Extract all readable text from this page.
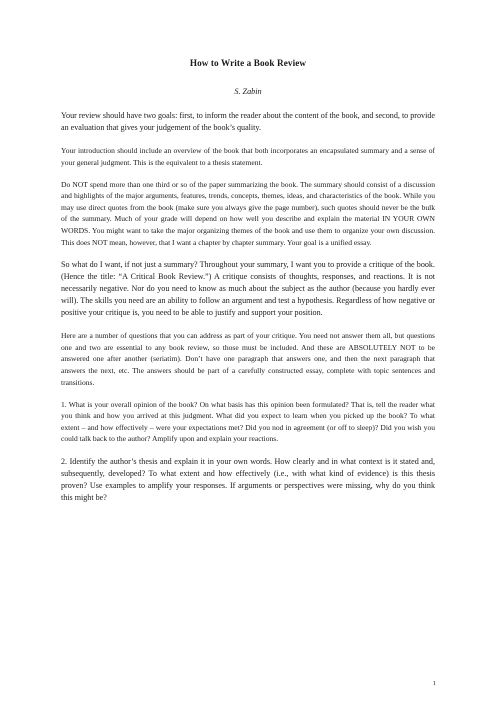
How to Write a Book Review
S. Zabin

Your review should have two goals: first, to inform the reader about the content of the book, and second, to provide an evaluation that gives your judgement of the book’s quality.

Your introduction should include an overview of the book that both incorporates an encapsulated summary and a sense of your general judgment. This is the equivalent to a thesis statement.

Do NOT spend more than one third or so of the paper summarizing the book. The summary should consist of a discussion and highlights of the major arguments, features, trends, concepts, themes, ideas, and characteristics of the book. While you may use direct quotes from the book (make sure you always give the page number), such quotes should never be the bulk of the summary. Much of your grade will depend on how well you describe and explain the material IN YOUR OWN WORDS. You might want to take the major organizing themes of the book and use them to organize your own discussion. This does NOT mean, however, that I want a chapter by chapter summary. Your goal is a unified essay.

So what do I want, if not just a summary? Throughout your summary, I want you to provide a critique of the book. (Hence the title: “A Critical Book Review.”) A critique consists of thoughts, responses, and reactions. It is not necessarily negative. Nor do you need to know as much about the subject as the author (because you hardly ever will). The skills you need are an ability to follow an argument and test a hypothesis. Regardless of how negative or positive your critique is, you need to be able to justify and support your position.

Here are a number of questions that you can address as part of your critique. You need not answer them all, but questions one and two are essential to any book review, so those must be included. And these are ABSOLUTELY NOT to be answered one after another (seriatim). Don’t have one paragraph that answers one, and then the next paragraph that answers the next, etc. The answers should be part of a carefully constructed essay, complete with topic sentences and transitions.

1. What is your overall opinion of the book? On what basis has this opinion been formulated? That is, tell the reader what you think and how you arrived at this judgment. What did you expect to learn when you picked up the book? To what extent – and how effectively – were your expectations met? Did you nod in agreement (or off to sleep)? Did you wish you could talk back to the author? Amplify upon and explain your reactions.

2. Identify the author’s thesis and explain it in your own words. How clearly and in what context is it stated and, subsequently, developed? To what extent and how effectively (i.e., with what kind of evidence) is this thesis proven? Use examples to amplify your responses. If arguments or perspectives were missing, why do you think this might be?

1
